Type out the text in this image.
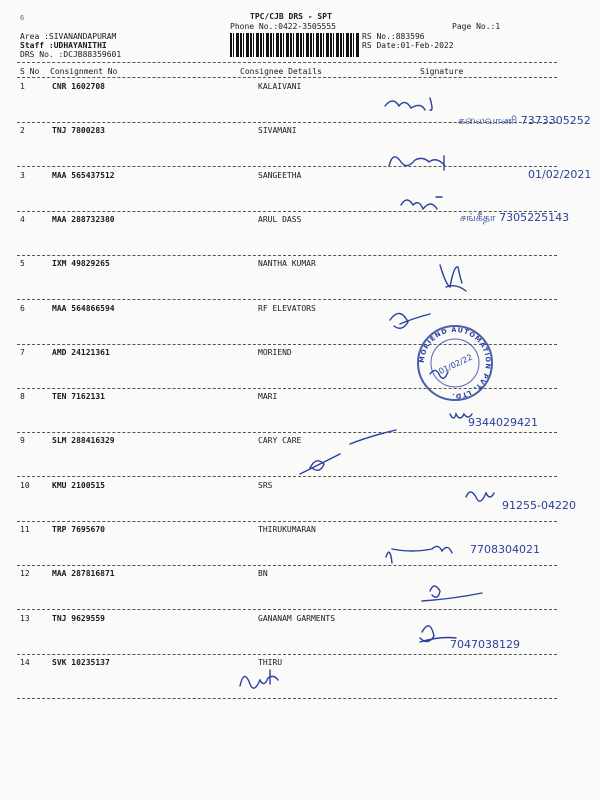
6	TPC/CJB DRS - SPT
Phone No.:0422-3505555	Page No.:1
Area :SIVANANDAPURAM
Staff :UDHAYANITHI
DRS No. :DCJB88359601
RS No.:883596
RS Date:01-Feb-2022
S No Consignment No	Consignee Details	Signature
1	CNR 1602708	KALAIVANI
கலைவாணி 7373305252
2	TNJ 7800283	SIVAMANI
01/02/2021
3	MAA 565437512	SANGEETHA
சங்கீதா 7305225143
4	MAA 288732380	ARUL DASS
5	IXM 49829265	NANTHA KUMAR
6	MAA 564866594	RF ELEVATORS
7	AMD 24121361	MORIEND
8	TEN 7162131	MARI
9344029421
9	SLM 288416329	CARY CARE
10	KMU 2100515	SRS
91255-04220
11	TRP 7695670	THIRUKUMARAN
7708304021
12	MAA 287816871	BN
13	TNJ 9629559	GANANAM GARMENTS
7047038129
14	SVK 10235137	THIRU
MORIEND AUTOMATION PVT. LTD.
01/02/22
